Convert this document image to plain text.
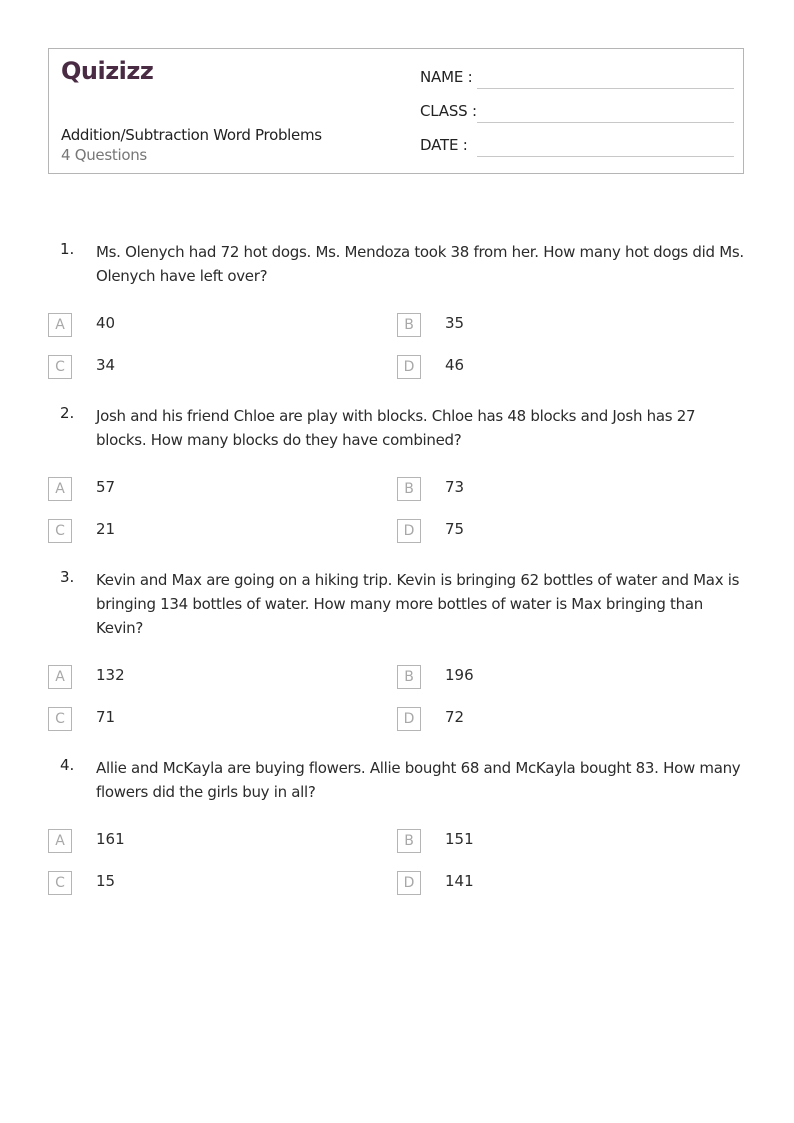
Quizizz
Addition/Subtraction Word Problems
4 Questions
NAME :
CLASS :
DATE :
1. Ms. Olenych had 72 hot dogs. Ms. Mendoza took 38 from her. How many hot dogs did Ms. Olenych have left over?
A	40	B	35
C	34	D	46
2. Josh and his friend Chloe are play with blocks. Chloe has 48 blocks and Josh has 27 blocks. How many blocks do they have combined?
A	57	B	73
C	21	D	75
3. Kevin and Max are going on a hiking trip. Kevin is bringing 62 bottles of water and Max is bringing 134 bottles of water. How many more bottles of water is Max bringing than Kevin?
A	132	B	196
C	71	D	72
4. Allie and McKayla are buying flowers. Allie bought 68 and McKayla bought 83. How many flowers did the girls buy in all?
A	161	B	151
C	15	D	141
